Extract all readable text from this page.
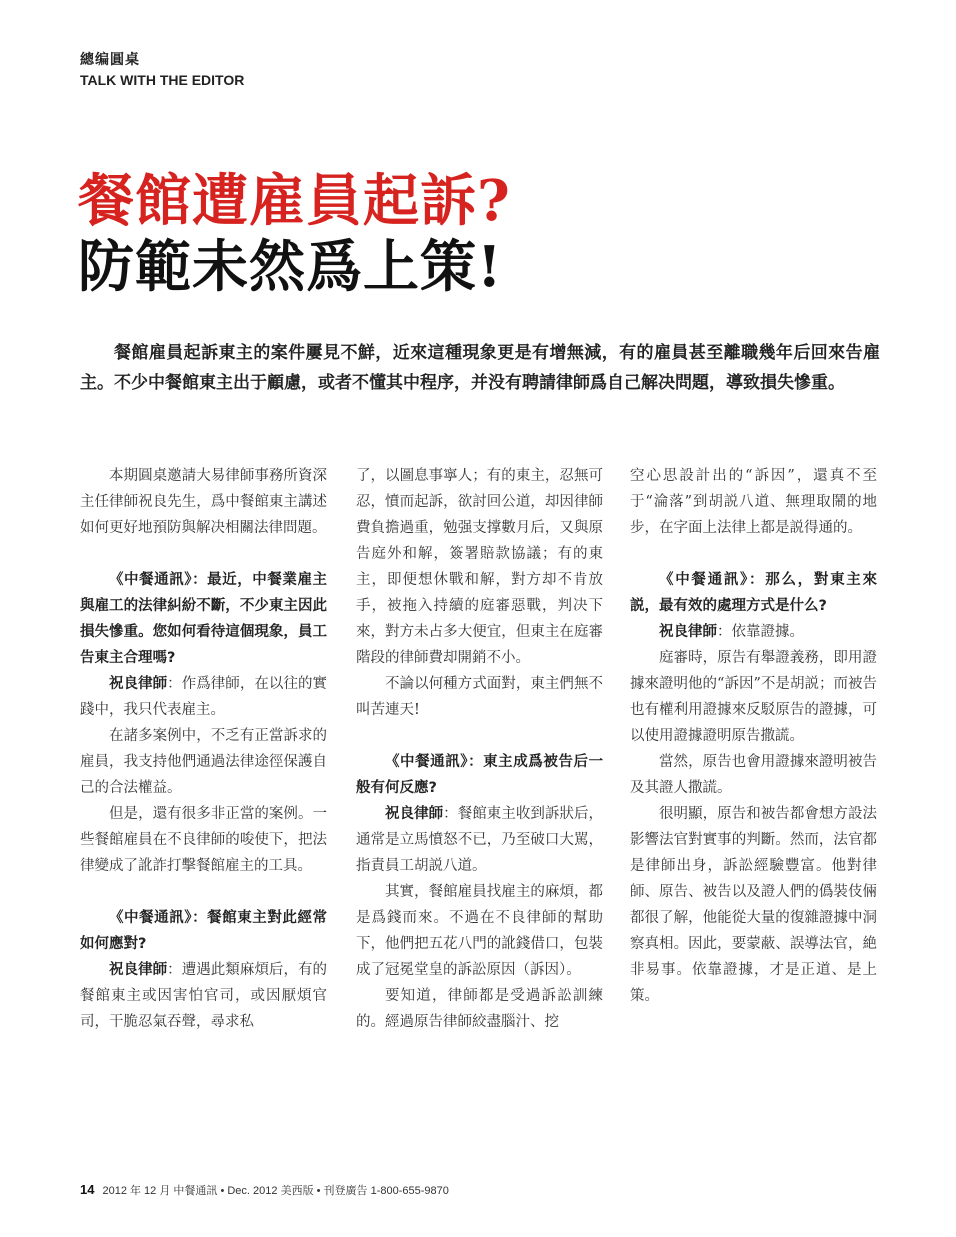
總编圓桌
TALK WITH THE EDITOR
餐館遭雇員起訴?
防範未然爲上策!

餐館雇員起訴東主的案件屢見不鮮，近來這種現象更是有增無減，有的雇員甚至離職幾年后回來告雇主。不少中餐館東主出于顧慮，或者不懂其中程序，并没有聘請律師爲自己解决問題，導致損失慘重。

本期圓桌邀請大易律師事務所資深主任律師祝良先生，爲中餐館東主講述如何更好地預防與解决相關法律問題。

《中餐通訊》：最近，中餐業雇主與雇工的法律糾紛不斷，不少東主因此損失慘重。您如何看待這個現象，員工告東主合理嗎?

祝良律師：作爲律師，在以往的實踐中，我只代表雇主。

在諸多案例中，不乏有正當訴求的雇員，我支持他們通過法律途徑保護自己的合法權益。

但是，還有很多非正當的案例。一些餐館雇員在不良律師的唆使下，把法律變成了訛詐打擊餐館雇主的工具。

《中餐通訊》：餐館東主對此經常如何應對?

祝良律師：遭遇此類麻煩后，有的餐館東主或因害怕官司，或因厭煩官司，干脆忍氣吞聲，尋求私

了，以圖息事寧人；有的東主，忍無可忍，憤而起訴，欲討回公道，却因律師費負擔過重，勉强支撑數月后，又與原告庭外和解，簽署賠款協議；有的東主，即便想休戰和解，對方却不肯放手，被拖入持續的庭審惡戰，判决下來，對方未占多大便宜，但東主在庭審階段的律師費却開銷不小。

不論以何種方式面對，東主們無不叫苦連天!

《中餐通訊》：東主成爲被告后一般有何反應?

祝良律師：餐館東主收到訴狀后，通常是立馬憤怒不已，乃至破口大駡，指責員工胡説八道。

其實，餐館雇員找雇主的麻煩，都是爲錢而來。不過在不良律師的幫助下，他們把五花八門的訛錢借口，包裝成了冠冕堂皇的訴訟原因（訴因）。

要知道，律師都是受過訴訟訓練的。經過原告律師絞盡腦汁、挖

空心思設計出的“訴因”，還真不至于“淪落”到胡説八道、無理取鬧的地步，在字面上法律上都是説得通的。

《中餐通訊》：那么，對東主來説，最有效的處理方式是什么?

祝良律師：依靠證據。

庭審時，原告有舉證義務，即用證據來證明他的“訴因”不是胡説；而被告也有權利用證據來反駁原告的證據，可以使用證據證明原告撒謊。

當然，原告也會用證據來證明被告及其證人撒謊。

很明顯，原告和被告都會想方設法影響法官對實事的判斷。然而，法官都是律師出身，訴訟經驗豐富。他對律師、原告、被告以及證人們的僞裝伎倆都很了解，他能從大量的復雜證據中洞察真相。因此，要蒙蔽、誤導法官，絶非易事。依靠證據，才是正道、是上策。

14 2012 年 12 月 中餐通訊 • Dec. 2012 美西版 • 刊登廣告 1-800-655-9870
